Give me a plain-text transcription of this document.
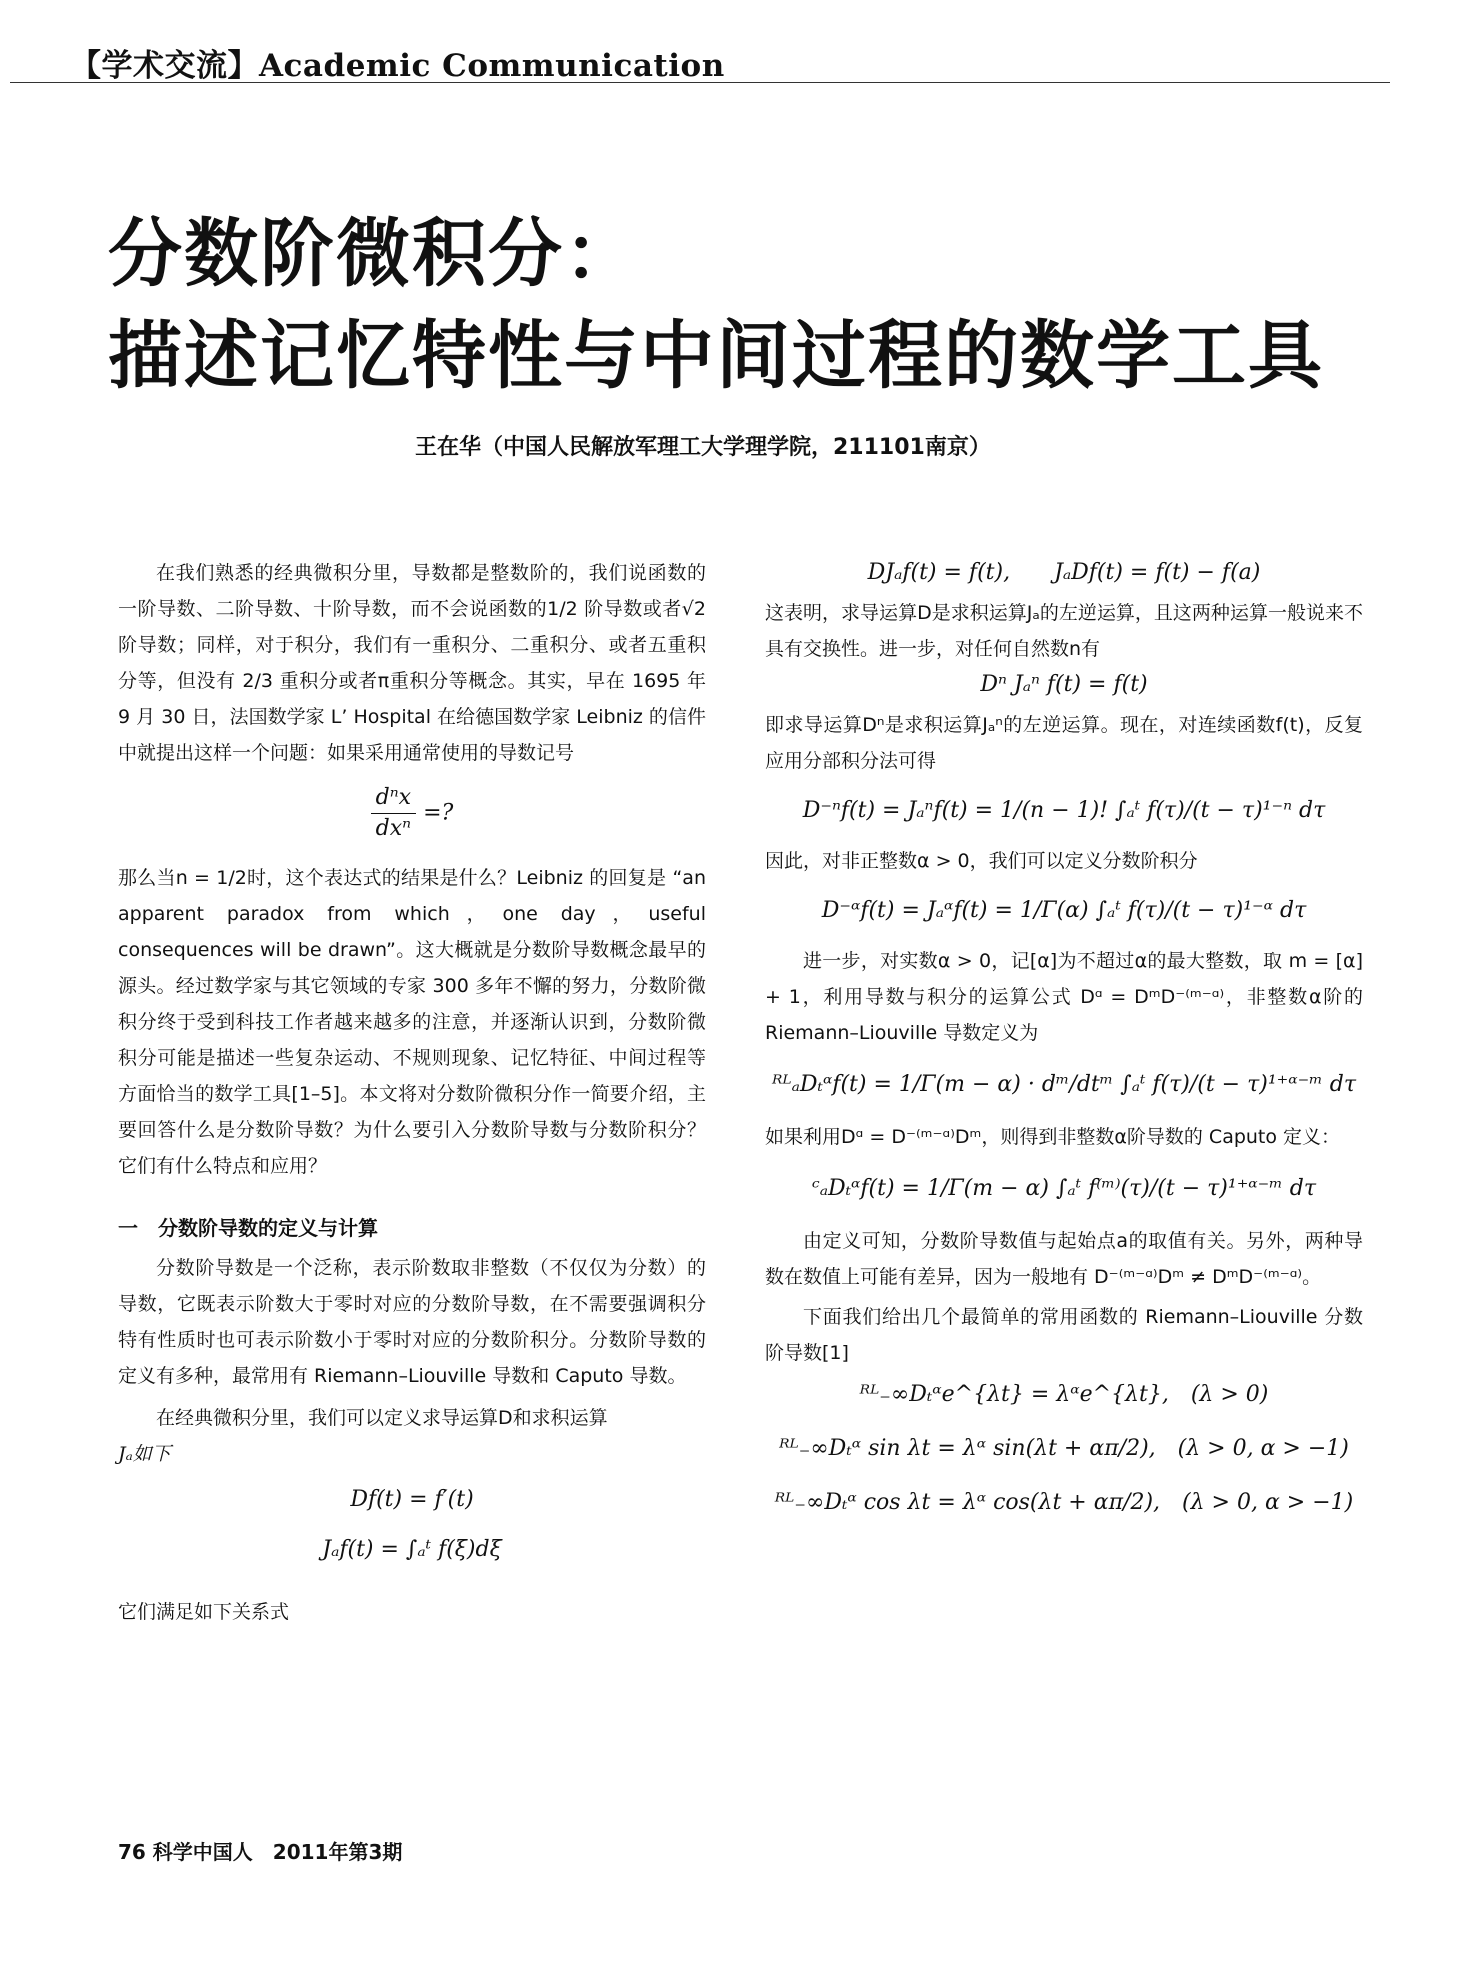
【学术交流】Academic Communication
分数阶微积分：
描述记忆特性与中间过程的数学工具
王在华（中国人民解放军理工大学理学院，211101南京）

在我们熟悉的经典微积分里，导数都是整数阶的，我们说函数的一阶导数、二阶导数、十阶导数，而不会说函数的1/2 阶导数或者√2阶导数；同样，对于积分，我们有一重积分、二重积分、或者五重积分等，但没有 2/3 重积分或者π重积分等概念。其实，早在 1695 年 9 月 30 日，法国数学家 L’ Hospital 在给德国数学家 Leibniz 的信件中就提出这样一个问题：如果采用通常使用的导数记号

$\frac{\text{dⁿx}}{\text{dxⁿ}}$ =?

那么当n = 1/2时，这个表达式的结果是什么？Leibniz 的回复是 “an apparent paradox from which，one day，useful consequences will be drawn”。这大概就是分数阶导数概念最早的源头。经过数学家与其它领域的专家 300 多年不懈的努力，分数阶微积分终于受到科技工作者越来越多的注意，并逐渐认识到，分数阶微积分可能是描述一些复杂运动、不规则现象、记忆特征、中间过程等方面恰当的数学工具[1–5]。本文将对分数阶微积分作一简要介绍，主要回答什么是分数阶导数？为什么要引入分数阶导数与分数阶积分？它们有什么特点和应用？

一　分数阶导数的定义与计算

分数阶导数是一个泛称，表示阶数取非整数（不仅仅为分数）的导数，它既表示阶数大于零时对应的分数阶导数，在不需要强调积分特有性质时也可表示阶数小于零时对应的分数阶积分。分数阶导数的定义有多种，最常用有 Riemann–Liouville 导数和 Caputo 导数。

在经典微积分里，我们可以定义求导运算D和求积运算

Jₐ如下

Df(t) = f′(t)
Jₐf(t) = ∫ₐᵗ f(ξ)dξ

它们满足如下关系式

DJₐf(t) = f(t),　　JₐDf(t) = f(t) − f(a)

这表明，求导运算D是求积运算Jₐ的左逆运算，且这两种运算一般说来不具有交换性。进一步，对任何自然数n有

Dⁿ Jₐⁿ f(t) = f(t)

即求导运算Dⁿ是求积运算Jₐⁿ的左逆运算。现在，对连续函数f(t)，反复应用分部积分法可得

D⁻ⁿf(t) = Jₐⁿf(t) = 1/(n − 1)! ∫ₐᵗ f(τ)/(t − τ)¹⁻ⁿ dτ

因此，对非正整数α > 0，我们可以定义分数阶积分

D⁻ᵅf(t) = Jₐᵅf(t) = 1/Γ(α) ∫ₐᵗ f(τ)/(t − τ)¹⁻ᵅ dτ

进一步，对实数α > 0，记[α]为不超过α的最大整数，取 m = [α] + 1，利用导数与积分的运算公式 Dᵅ = DᵐD⁻⁽ᵐ⁻ᵅ⁾，非整数α阶的 Riemann–Liouville 导数定义为

ᴿᴸₐDₜᵅf(t) = 1/Γ(m − α) · dᵐ/dtᵐ ∫ₐᵗ f(τ)/(t − τ)¹⁺ᵅ⁻ᵐ dτ

如果利用Dᵅ = D⁻⁽ᵐ⁻ᵅ⁾Dᵐ，则得到非整数α阶导数的 Caputo 定义：

ᶜₐDₜᵅf(t) = 1/Γ(m − α) ∫ₐᵗ f⁽ᵐ⁾(τ)/(t − τ)¹⁺ᵅ⁻ᵐ dτ

由定义可知，分数阶导数值与起始点a的取值有关。另外，两种导数在数值上可能有差异，因为一般地有 D⁻⁽ᵐ⁻ᵅ⁾Dᵐ ≠ DᵐD⁻⁽ᵐ⁻ᵅ⁾。

下面我们给出几个最简单的常用函数的 Riemann–Liouville 分数阶导数[1]

ᴿᴸ₋∞Dₜᵅe^{λt} = λᵅe^{λt},　(λ > 0)
ᴿᴸ₋∞Dₜᵅ sin λt = λᵅ sin(λt + απ/2),　(λ > 0, α > −1)
ᴿᴸ₋∞Dₜᵅ cos λt = λᵅ cos(λt + απ/2),　(λ > 0, α > −1)
76 科学中国人　2011年第3期
